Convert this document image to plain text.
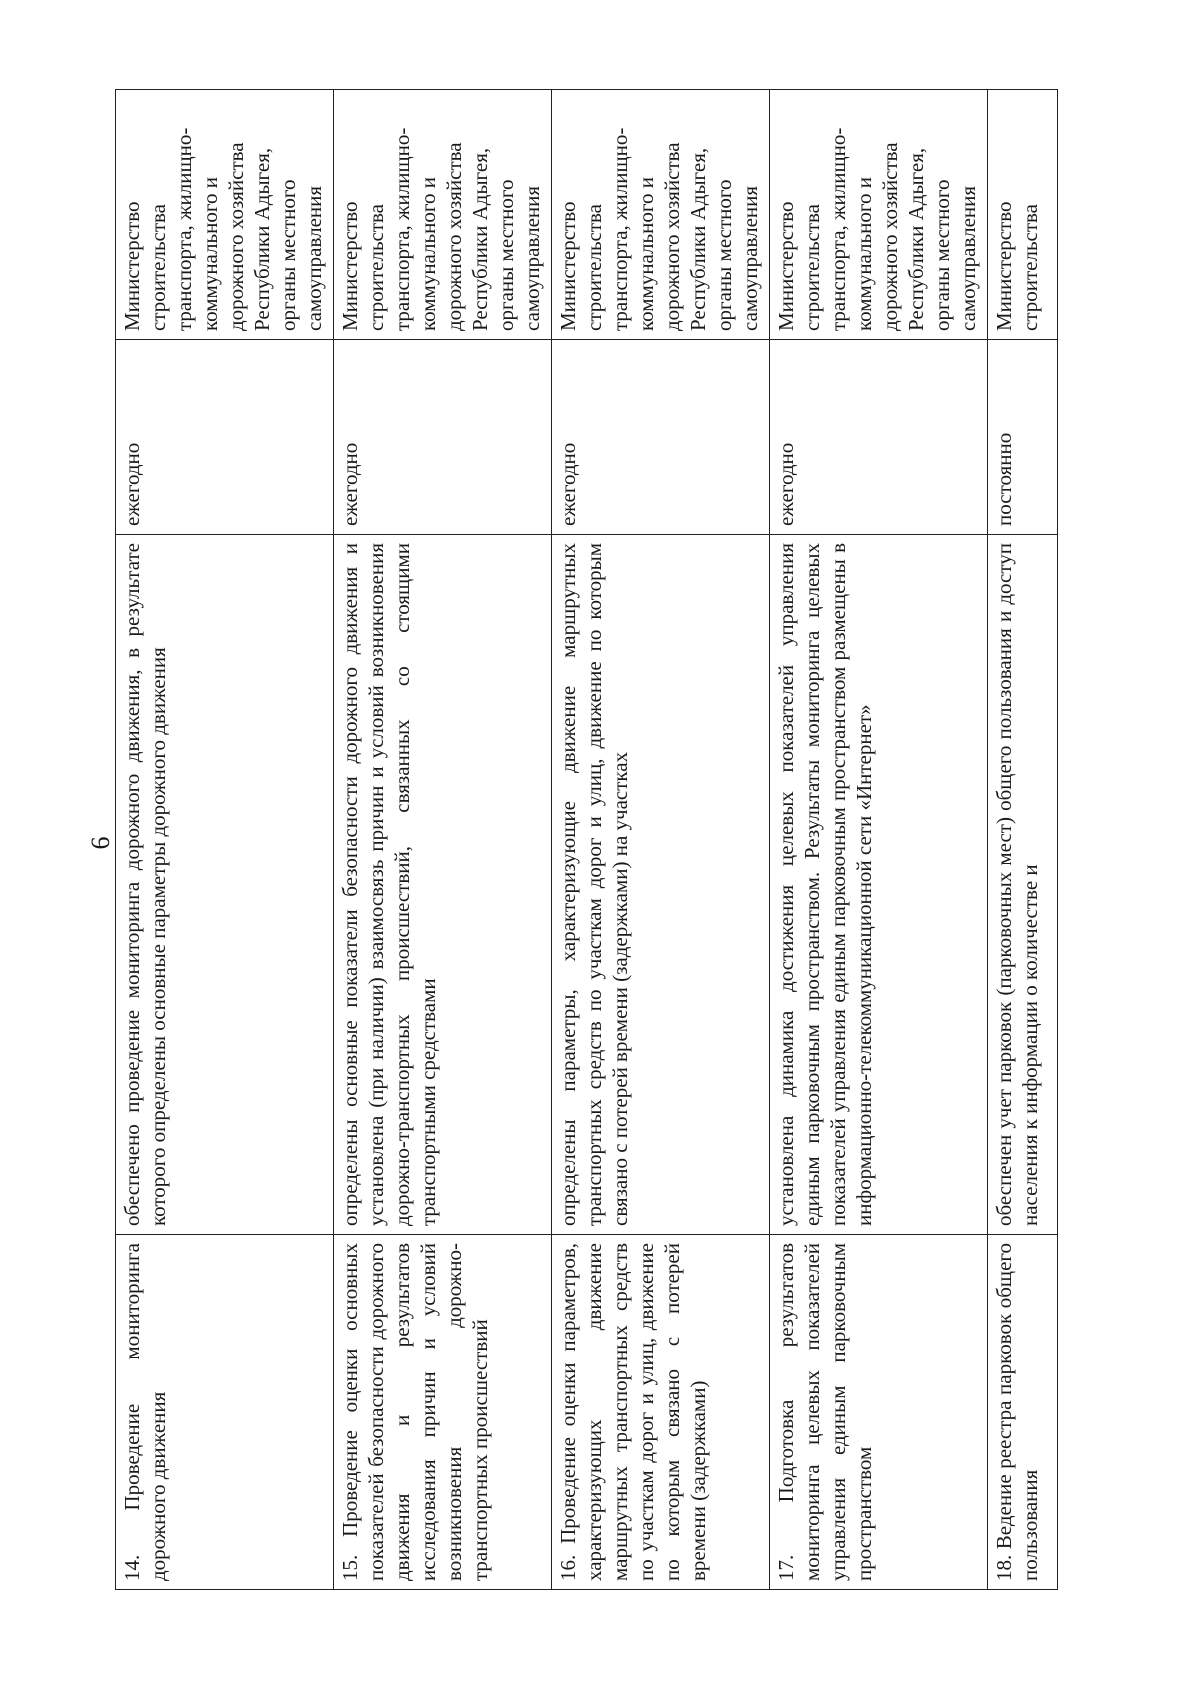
6
14. Проведение мониторинга дорожного движения	обеспечено проведение мониторинга дорожного движения, в результате которого определены основные параметры дорожного движения	ежегодно	Министерство строительства транспорта, жилищно-коммунального и дорожного хозяйства Республики Адыгея, органы местного самоуправления
15. Проведение оценки основных показателей безопасности дорожного движения и результатов исследования причин и условий возникновения дорожно-транспортных происшествий	определены основные показатели безопасности дорожного движения и установлена (при наличии) взаимосвязь причин и условий возникновения дорожно-транспортных происшествий, связанных со стоящими транспортными средствами	ежегодно	Министерство строительства транспорта, жилищно-коммунального и дорожного хозяйства Республики Адыгея, органы местного самоуправления
16. Проведение оценки параметров, характеризующих движение маршрутных транспортных средств по участкам дорог и улиц, движение по которым связано с потерей времени (задержками)	определены параметры, характеризующие движение маршрутных транспортных средств по участкам дорог и улиц, движение по которым связано с потерей времени (задержками) на участках	ежегодно	Министерство строительства транспорта, жилищно-коммунального и дорожного хозяйства Республики Адыгея, органы местного самоуправления
17. Подготовка результатов мониторинга целевых показателей управления единым парковочным пространством	установлена динамика достижения целевых показателей управления единым парковочным пространством. Результаты мониторинга целевых показателей управления единым парковочным пространством размещены в информационно-телекоммуникационной сети «Интернет»	ежегодно	Министерство строительства транспорта, жилищно-коммунального и дорожного хозяйства Республики Адыгея, органы местного самоуправления
18. Ведение реестра парковок общего пользования	обеспечен учет парковок (парковочных мест) общего пользования и доступ населения к информации о количестве и	постоянно	Министерство строительства
